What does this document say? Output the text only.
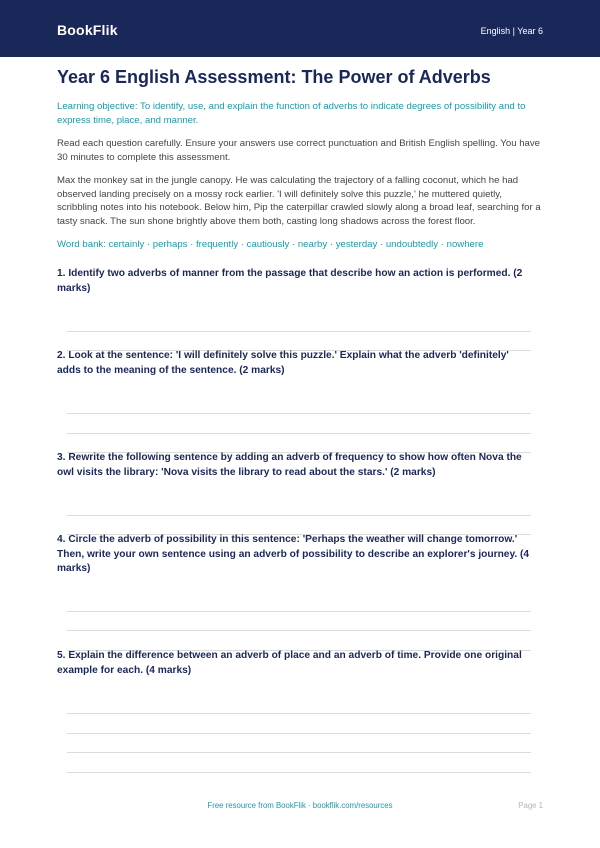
BookFlik	English | Year 6
Year 6 English Assessment: The Power of Adverbs
Learning objective: To identify, use, and explain the function of adverbs to indicate degrees of possibility and to express time, place, and manner.
Read each question carefully. Ensure your answers use correct punctuation and British English spelling. You have 30 minutes to complete this assessment.
Max the monkey sat in the jungle canopy. He was calculating the trajectory of a falling coconut, which he had observed landing precisely on a mossy rock earlier. 'I will definitely solve this puzzle,' he muttered quietly, scribbling notes into his notebook. Below him, Pip the caterpillar crawled slowly along a broad leaf, searching for a tasty snack. The sun shone brightly above them both, casting long shadows across the forest floor.
Word bank: certainly · perhaps · frequently · cautiously · nearby · yesterday · undoubtedly · nowhere
1. Identify two adverbs of manner from the passage that describe how an action is performed. (2 marks)
2. Look at the sentence: 'I will definitely solve this puzzle.' Explain what the adverb 'definitely' adds to the meaning of the sentence. (2 marks)
3. Rewrite the following sentence by adding an adverb of frequency to show how often Nova the owl visits the library: 'Nova visits the library to read about the stars.' (2 marks)
4. Circle the adverb of possibility in this sentence: 'Perhaps the weather will change tomorrow.' Then, write your own sentence using an adverb of possibility to describe an explorer's journey. (4 marks)
5. Explain the difference between an adverb of place and an adverb of time. Provide one original example for each. (4 marks)
Free resource from BookFlik · bookflik.com/resources	Page 1
